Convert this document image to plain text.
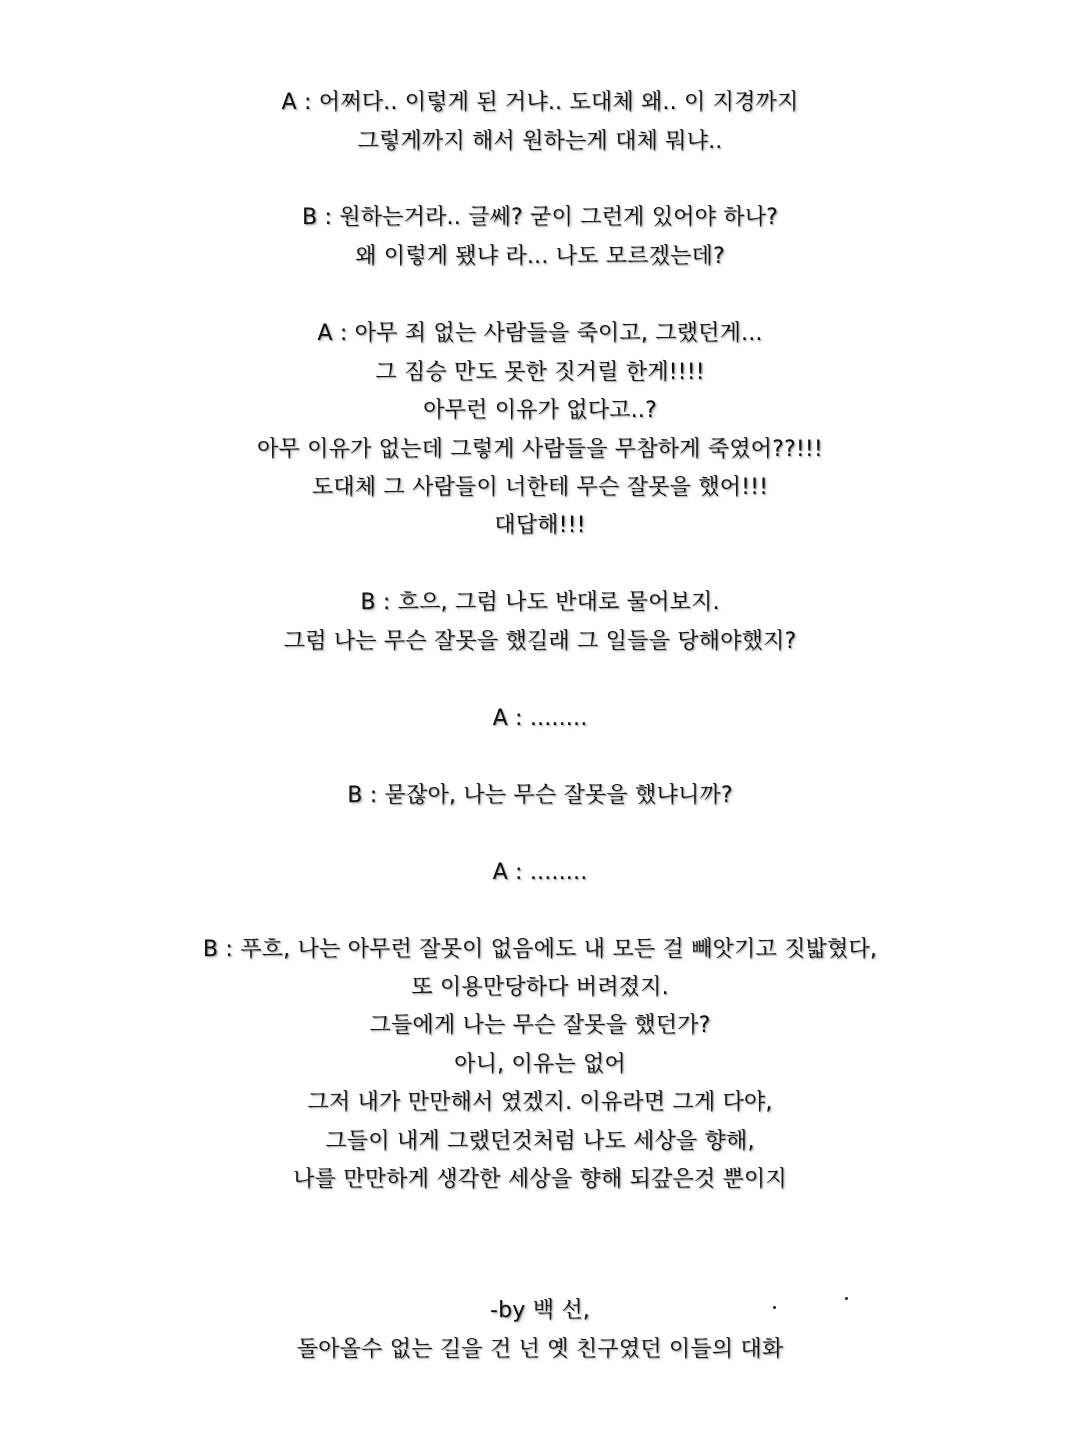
A : 어쩌다.. 이렇게 된 거냐.. 도대체 왜.. 이 지경까지
그렇게까지 해서 원하는게 대체 뭐냐..
B : 원하는거라.. 글쎄? 굳이 그런게 있어야 하나?
왜 이렇게 됐냐 라... 나도 모르겠는데?
A : 아무 죄 없는 사람들을 죽이고, 그랬던게...
그 짐승 만도 못한 짓거릴 한게!!!!
아무런 이유가 없다고..?
아무 이유가 없는데 그렇게 사람들을 무참하게 죽였어??!!!
도대체 그 사람들이 너한테 무슨 잘못을 했어!!!
대답해!!!
B : 흐으, 그럼 나도 반대로 물어보지.
그럼 나는 무슨 잘못을 했길래 그 일들을 당해야했지?
A : ........
B : 묻잖아, 나는 무슨 잘못을 했냐니까?
A : ........
B : 푸흐, 나는 아무런 잘못이 없음에도 내 모든 걸 빼앗기고 짓밟혔다,
또 이용만당하다 버려졌지.
그들에게 나는 무슨 잘못을 했던가?
아니, 이유는 없어
그저 내가 만만해서 였겠지. 이유라면 그게 다야,
그들이 내게 그랬던것처럼 나도 세상을 향해,
나를 만만하게 생각한 세상을 향해 되갚은것 뿐이지
-by 백 선,
돌아올수 없는 길을 건 넌 옛 친구였던 이들의 대화
